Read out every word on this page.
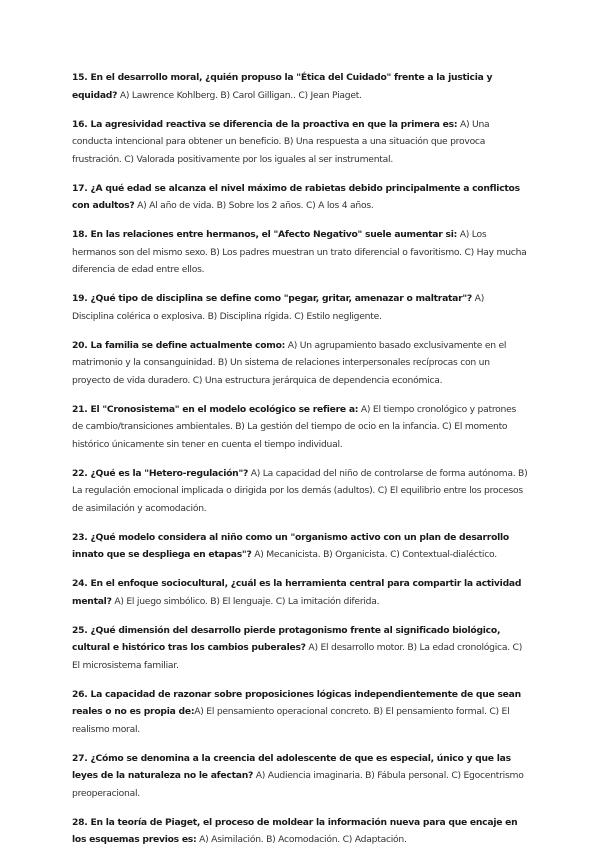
15. En el desarrollo moral, ¿quién propuso la "Ética del Cuidado" frente a la justicia y equidad? A) Lawrence Kohlberg. B) Carol Gilligan.. C) Jean Piaget.

16. La agresividad reactiva se diferencia de la proactiva en que la primera es: A) Una conducta intencional para obtener un beneficio. B) Una respuesta a una situación que provoca frustración. C) Valorada positivamente por los iguales al ser instrumental.

17. ¿A qué edad se alcanza el nivel máximo de rabietas debido principalmente a conflictos con adultos? A) Al año de vida. B) Sobre los 2 años. C) A los 4 años.

18. En las relaciones entre hermanos, el "Afecto Negativo" suele aumentar si: A) Los hermanos son del mismo sexo. B) Los padres muestran un trato diferencial o favoritismo. C) Hay mucha diferencia de edad entre ellos.

19. ¿Qué tipo de disciplina se define como "pegar, gritar, amenazar o maltratar"? A) Disciplina colérica o explosiva. B) Disciplina rígida. C) Estilo negligente.

20. La familia se define actualmente como: A) Un agrupamiento basado exclusivamente en el matrimonio y la consanguinidad. B) Un sistema de relaciones interpersonales recíprocas con un proyecto de vida duradero. C) Una estructura jerárquica de dependencia económica.

21. El "Cronosistema" en el modelo ecológico se refiere a: A) El tiempo cronológico y patrones de cambio/transiciones ambientales. B) La gestión del tiempo de ocio en la infancia. C) El momento histórico únicamente sin tener en cuenta el tiempo individual.

22. ¿Qué es la "Hetero-regulación"? A) La capacidad del niño de controlarse de forma autónoma. B) La regulación emocional implicada o dirigida por los demás (adultos). C) El equilibrio entre los procesos de asimilación y acomodación.

23. ¿Qué modelo considera al niño como un "organismo activo con un plan de desarrollo innato que se despliega en etapas"? A) Mecanicista. B) Organicista. C) Contextual-dialéctico.

24. En el enfoque sociocultural, ¿cuál es la herramienta central para compartir la actividad mental? A) El juego simbólico. B) El lenguaje. C) La imitación diferida.

25. ¿Qué dimensión del desarrollo pierde protagonismo frente al significado biológico, cultural e histórico tras los cambios puberales? A) El desarrollo motor. B) La edad cronológica. C) El microsistema familiar.

26. La capacidad de razonar sobre proposiciones lógicas independientemente de que sean reales o no es propia de:A) El pensamiento operacional concreto. B) El pensamiento formal. C) El realismo moral.

27. ¿Cómo se denomina a la creencia del adolescente de que es especial, único y que las leyes de la naturaleza no le afectan? A) Audiencia imaginaria. B) Fábula personal. C) Egocentrismo preoperacional.

28. En la teoría de Piaget, el proceso de moldear la información nueva para que encaje en los esquemas previos es: A) Asimilación. B) Acomodación. C) Adaptación.
